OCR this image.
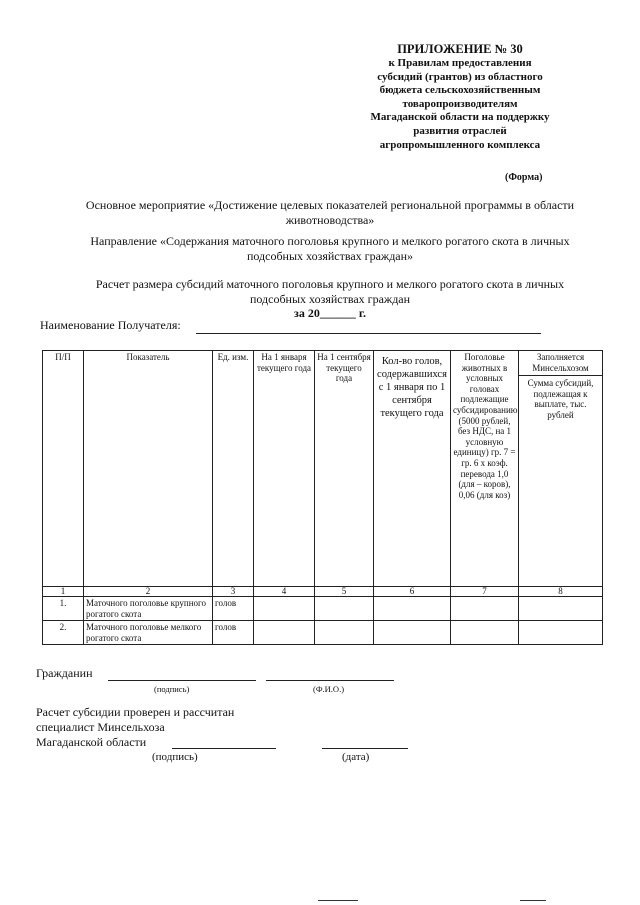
ПРИЛОЖЕНИЕ № 30
к Правилам предоставления
субсидий (грантов) из областного
бюджета сельскохозяйственным
товаропроизводителям
Магаданской области на поддержку
развития отраслей
агропромышленного комплекса
(Форма)
Основное мероприятие «Достижение целевых показателей региональной программы в области
животноводства»
Направление «Содержания маточного поголовья крупного и мелкого рогатого скота в личных
подсобных хозяйствах граждан»
Расчет размера субсидий маточного поголовья крупного и мелкого рогатого скота в личных
подсобных хозяйствах граждан
за 20______ г.
Наименование Получателя:
П/П	Показатель	Ед. изм.	На 1 января текущего года	На 1 сентября текущего года	Кол-во голов, содержавшихся с 1 января по 1 сентября текущего года	Поголовье животных в условных головах подлежащие субсидированию (5000 рублей, без НДС, на 1 условную единицу) гр. 7 = гр. 6 х коэф. перевода 1,0 (для – коров), 0,06 (для коз)	Заполняется Минсельхозом
Сумма субсидий, подлежащая к выплате, тыс. рублей

1	2	3	4	5	6	7	8
1.	Маточного поголовье крупного рогатого скота	голов					
2.	Маточного поголовье мелкого рогатого скота	голов					
Гражданин
(подпись)	(Ф.И.О.)
Расчет субсидии проверен и рассчитан
специалист Минсельхоза
Магаданской области
(подпись)	(дата)
